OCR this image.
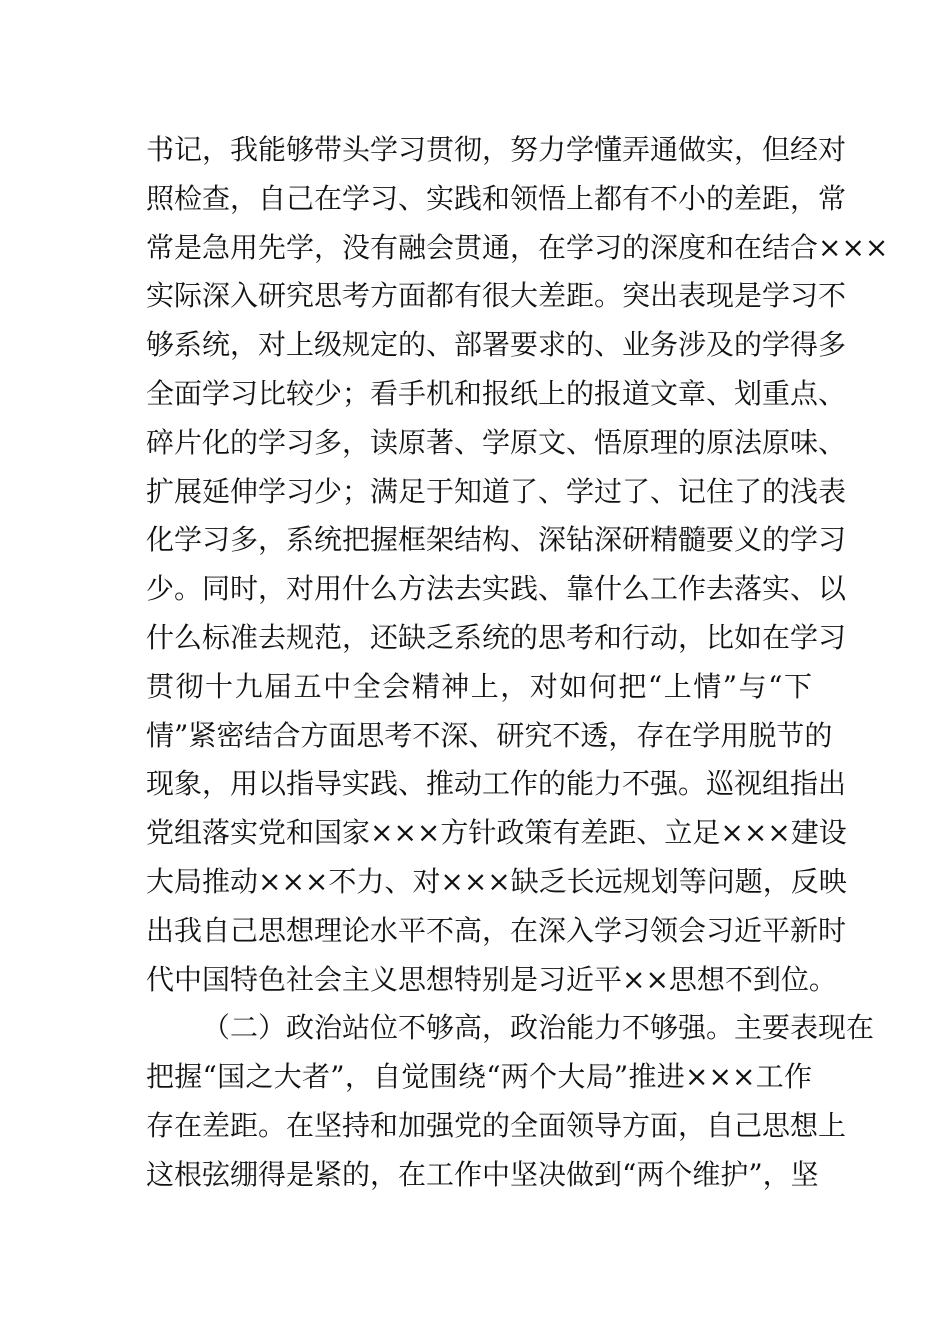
书记，我能够带头学习贯彻，努力学懂弄通做实，但经对
照检查，自己在学习、实践和领悟上都有不小的差距，常
常是急用先学，没有融会贯通，在学习的深度和在结合×××
实际深入研究思考方面都有很大差距。突出表现是学习不
够系统，对上级规定的、部署要求的、业务涉及的学得多
全面学习比较少；看手机和报纸上的报道文章、划重点、
碎片化的学习多，读原著、学原文、悟原理的原法原味、
扩展延伸学习少；满足于知道了、学过了、记住了的浅表
化学习多，系统把握框架结构、深钻深研精髓要义的学习
少。同时，对用什么方法去实践、靠什么工作去落实、以
什么标准去规范，还缺乏系统的思考和行动，比如在学习
贯彻十九届五中全会精神上，对如何把“上情”与“下
情”紧密结合方面思考不深、研究不透，存在学用脱节的
现象，用以指导实践、推动工作的能力不强。巡视组指出
党组落实党和国家×××方针政策有差距、立足×××建设
大局推动×××不力、对×××缺乏长远规划等问题，反映
出我自己思想理论水平不高，在深入学习领会习近平新时
代中国特色社会主义思想特别是习近平××思想不到位。
（二）政治站位不够高，政治能力不够强。主要表现在
把握“国之大者”，自觉围绕“两个大局”推进×××工作
存在差距。在坚持和加强党的全面领导方面，自己思想上
这根弦绷得是紧的，在工作中坚决做到“两个维护”，坚
